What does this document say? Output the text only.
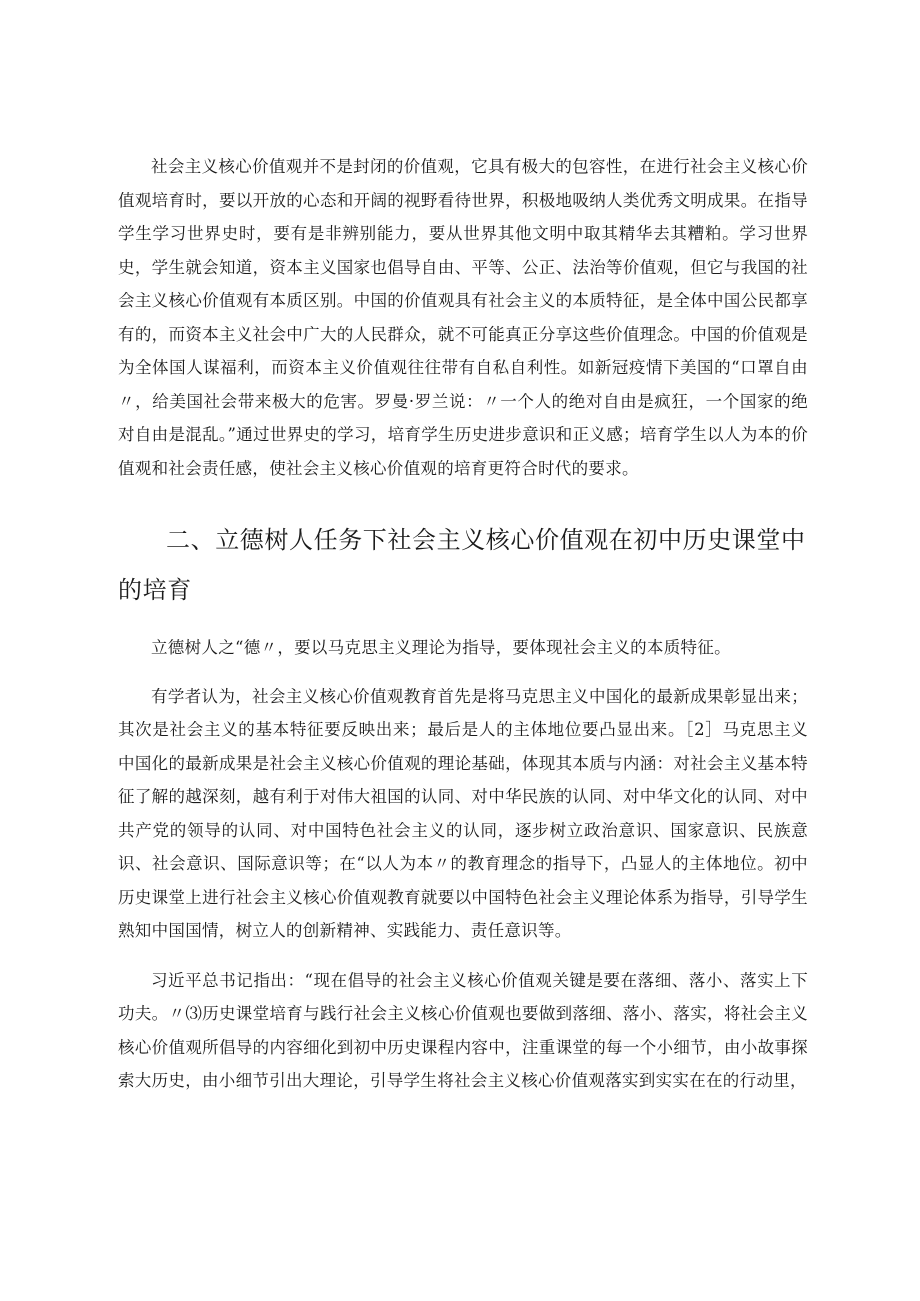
社会主义核心价值观并不是封闭的价值观，它具有极大的包容性，在进行社会主义核心价值观培育时，要以开放的心态和开阔的视野看待世界，积极地吸纳人类优秀文明成果。在指导学生学习世界史时，要有是非辨别能力，要从世界其他文明中取其精华去其糟粕。学习世界史，学生就会知道，资本主义国家也倡导自由、平等、公正、法治等价值观，但它与我国的社会主义核心价值观有本质区别。中国的价值观具有社会主义的本质特征，是全体中国公民都享有的，而资本主义社会中广大的人民群众，就不可能真正分享这些价值理念。中国的价值观是为全体国人谋福利，而资本主义价值观往往带有自私自利性。如新冠疫情下美国的“口罩自由〃，给美国社会带来极大的危害。罗曼·罗兰说：〃一个人的绝对自由是疯狂，一个国家的绝对自由是混乱。”通过世界史的学习，培育学生历史进步意识和正义感；培育学生以人为本的价值观和社会责任感，使社会主义核心价值观的培育更符合时代的要求。

二、立德树人任务下社会主义核心价值观在初中历史课堂中的培育

立德树人之“德〃，要以马克思主义理论为指导，要体现社会主义的本质特征。

有学者认为，社会主义核心价值观教育首先是将马克思主义中国化的最新成果彰显出来；其次是社会主义的基本特征要反映出来；最后是人的主体地位要凸显出来。［2］马克思主义中国化的最新成果是社会主义核心价值观的理论基础，体现其本质与内涵：对社会主义基本特征了解的越深刻，越有利于对伟大祖国的认同、对中华民族的认同、对中华文化的认同、对中共产党的领导的认同、对中国特色社会主义的认同，逐步树立政治意识、国家意识、民族意识、社会意识、国际意识等；在“以人为本〃的教育理念的指导下，凸显人的主体地位。初中历史课堂上进行社会主义核心价值观教育就要以中国特色社会主义理论体系为指导，引导学生熟知中国国情，树立人的创新精神、实践能力、责任意识等。

习近平总书记指出：“现在倡导的社会主义核心价值观关键是要在落细、落小、落实上下功夫。〃⑶历史课堂培育与践行社会主义核心价值观也要做到落细、落小、落实，将社会主义核心价值观所倡导的内容细化到初中历史课程内容中，注重课堂的每一个小细节，由小故事探索大历史，由小细节引出大理论，引导学生将社会主义核心价值观落实到实实在在的行动里，
